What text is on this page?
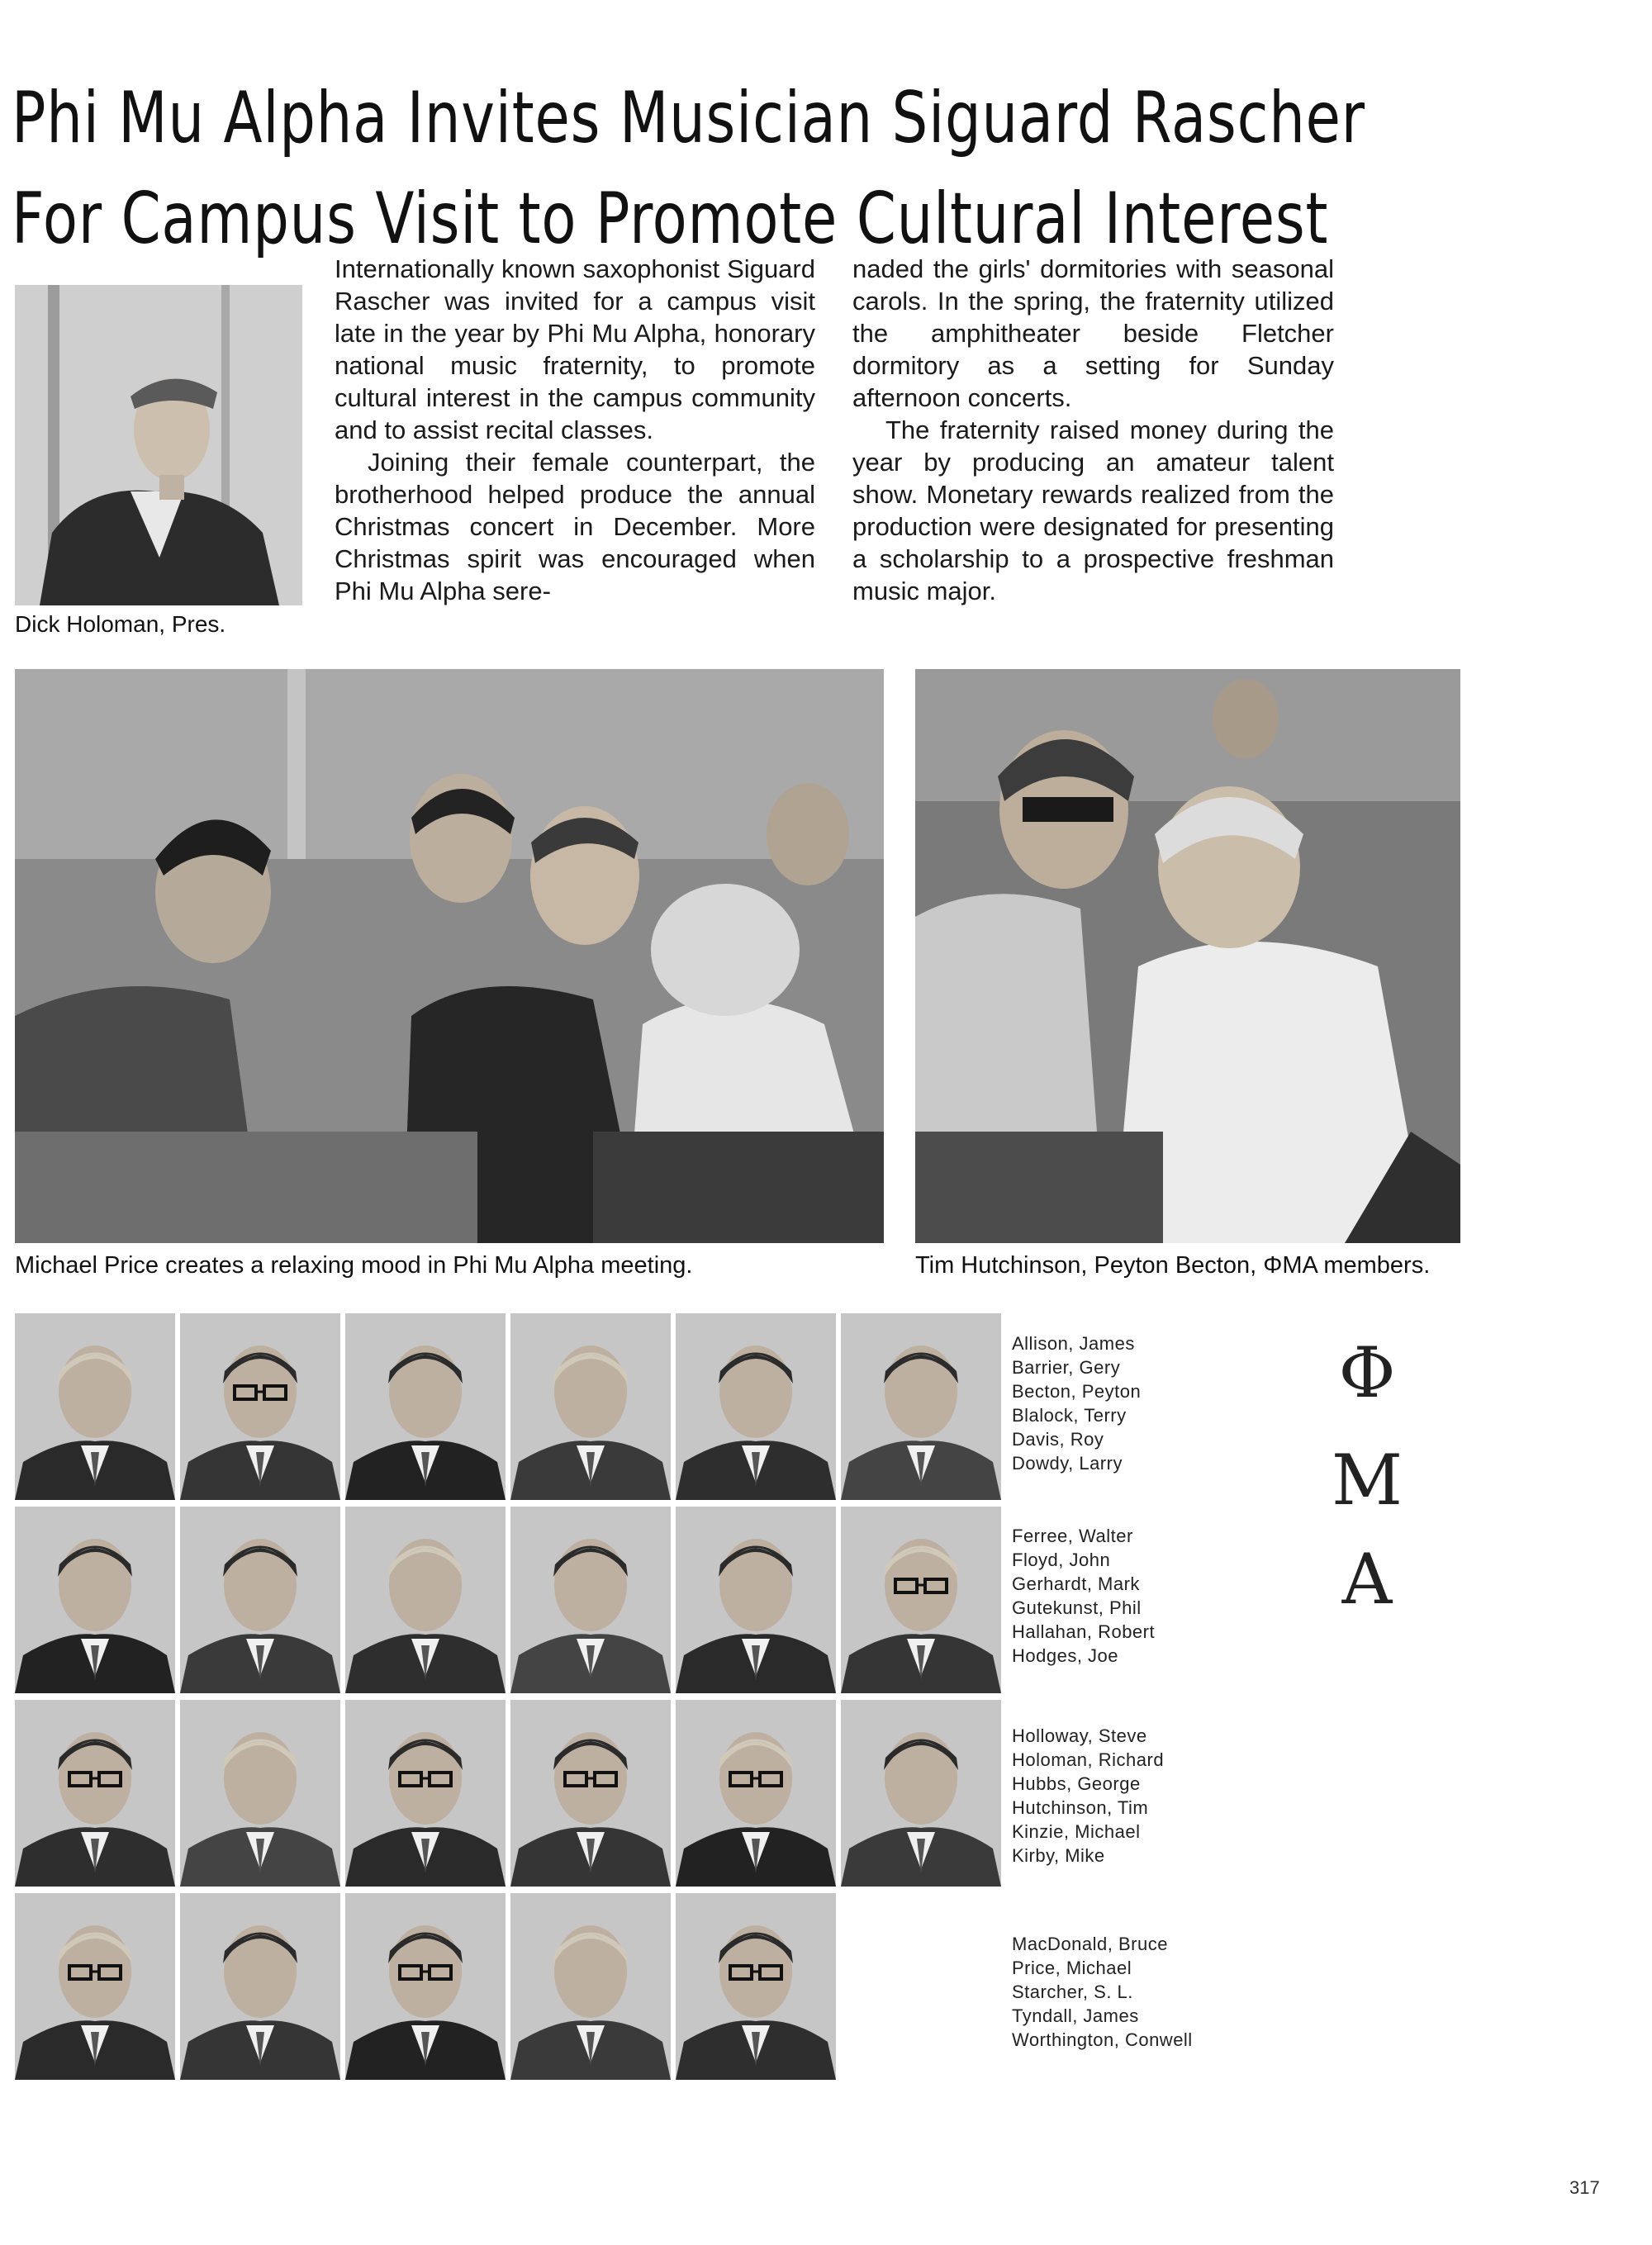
Phi Mu Alpha Invites Musician Siguard Rascher
For Campus Visit to Promote Cultural Interest
Dick Holoman, Pres.

Internationally known saxophonist Siguard Rascher was invited for a campus visit late in the year by Phi Mu Alpha, honorary national music fraternity, to promote cultural interest in the campus community and to assist recital classes.

Joining their female counterpart, the brotherhood helped produce the annual Christmas concert in December. More Christmas spirit was encouraged when Phi Mu Alpha sere-

naded the girls' dormitories with seasonal carols. In the spring, the fraternity utilized the amphitheater beside Fletcher dormitory as a setting for Sunday afternoon concerts.

The fraternity raised money during the year by producing an amateur talent show. Monetary rewards realized from the production were designated for presenting a scholarship to a prospective freshman music major.

Michael Price creates a relaxing mood in Phi Mu Alpha meeting.	Tim Hutchinson, Peyton Becton, ΦMA members.
Allison, James
Barrier, Gery
Becton, Peyton
Blalock, Terry
Davis, Roy
Dowdy, Larry
Ferree, Walter
Floyd, John
Gerhardt, Mark
Gutekunst, Phil
Hallahan, Robert
Hodges, Joe
Holloway, Steve
Holoman, Richard
Hubbs, George
Hutchinson, Tim
Kinzie, Michael
Kirby, Mike
MacDonald, Bruce
Price, Michael
Starcher, S. L.
Tyndall, James
Worthington, Conwell
Φ
M
A
317
